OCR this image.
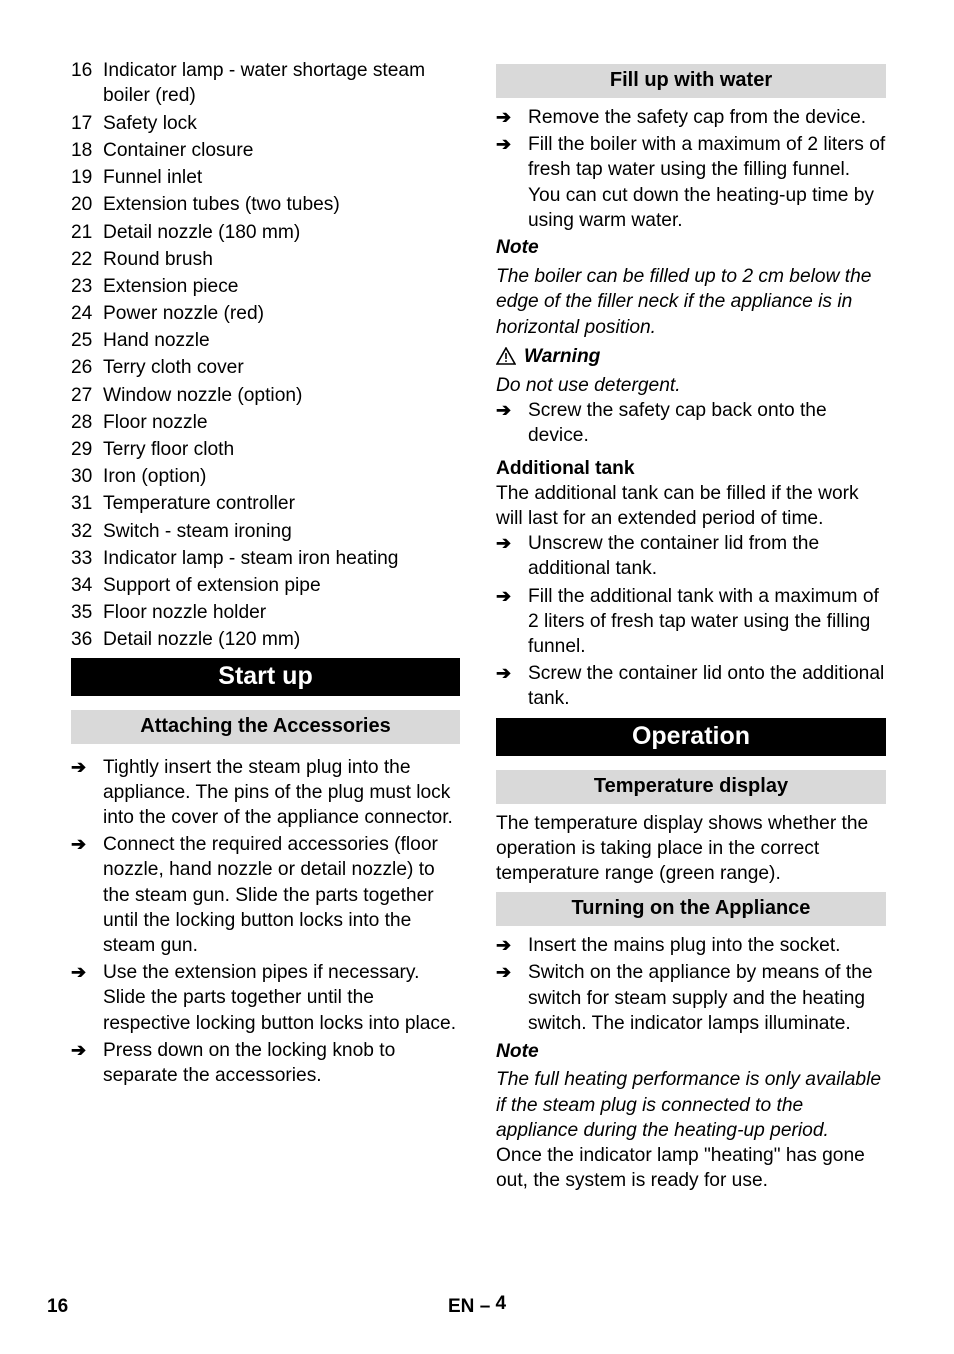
16 Indicator lamp - water shortage steam boiler (red)
17 Safety lock
18 Container closure
19 Funnel inlet
20 Extension tubes (two tubes)
21 Detail nozzle (180 mm)
22 Round brush
23 Extension piece
24 Power nozzle (red)
25 Hand nozzle
26 Terry cloth cover
27 Window nozzle (option)
28 Floor nozzle
29 Terry floor cloth
30 Iron (option)
31 Temperature controller
32 Switch - steam ironing
33 Indicator lamp - steam iron heating
34 Support of extension pipe
35 Floor nozzle holder
36 Detail nozzle (120 mm)
Start up
Attaching the Accessories
➔ Tightly insert the steam plug into the appliance. The pins of the plug must lock into the cover of the appliance connector.
➔ Connect the required accessories (floor nozzle, hand nozzle or detail nozzle) to the steam gun. Slide the parts together until the locking button locks into the steam gun.
➔ Use the extension pipes if necessary. Slide the parts together until the respective locking button locks into place.
➔ Press down on the locking knob to separate the accessories.
Fill up with water
➔ Remove the safety cap from the device.
➔ Fill the boiler with a maximum of 2 liters of fresh tap water using the filling funnel. You can cut down the heating-up time by using warm water.
Note
The boiler can be filled up to 2 cm below the edge of the filler neck if the appliance is in horizontal position.
Warning
Do not use detergent.
➔ Screw the safety cap back onto the device.
Additional tank
The additional tank can be filled if the work will last for an extended period of time.
➔ Unscrew the container lid from the additional tank.
➔ Fill the additional tank with a maximum of 2 liters of fresh tap water using the filling funnel.
➔ Screw the container lid onto the additional tank.
Operation
Temperature display
The temperature display shows whether the operation is taking place in the correct temperature range (green range).
Turning on the Appliance
➔ Insert the mains plug into the socket.
➔ Switch on the appliance by means of the switch for steam supply and the heating switch. The indicator lamps illuminate.
Note
The full heating performance is only available if the steam plug is connected to the appliance during the heating-up period.
Once the indicator lamp "heating" has gone out, the system is ready for use.
16	EN – 4
